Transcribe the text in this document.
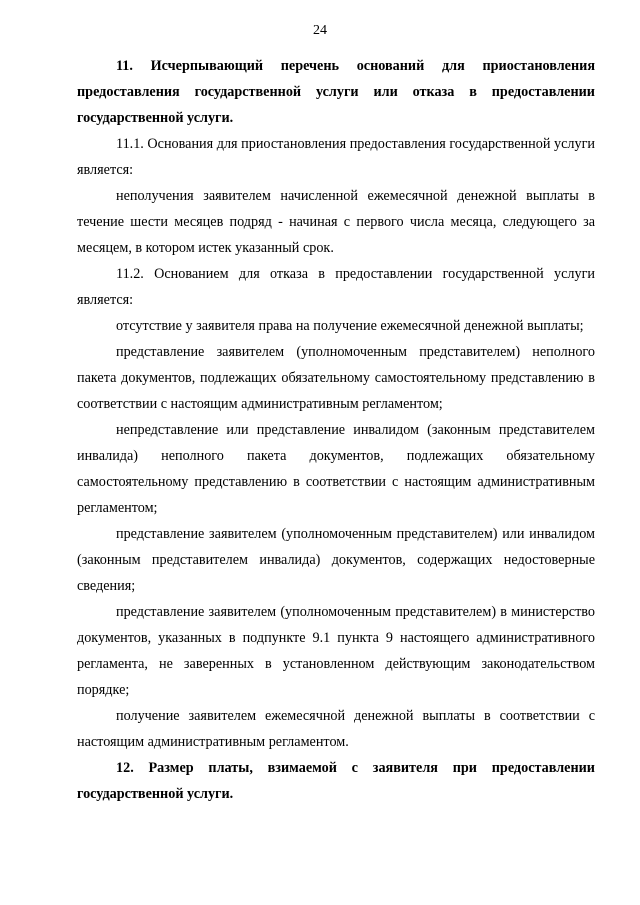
24

11. Исчерпывающий перечень оснований для приостановления предоставления государственной услуги или отказа в предоставлении государственной услуги.

11.1. Основания для приостановления предоставления государственной услуги является:

неполучения заявителем начисленной ежемесячной денежной выплаты в течение шести месяцев подряд - начиная с первого числа месяца, следующего за месяцем, в котором истек указанный срок.

11.2. Основанием для отказа в предоставлении государственной услуги является:

отсутствие у заявителя права на получение ежемесячной денежной выплаты;

представление заявителем (уполномоченным представителем) неполного пакета документов, подлежащих обязательному самостоятельному представлению в соответствии с настоящим административным регламентом;

непредставление или представление инвалидом (законным представителем инвалида) неполного пакета документов, подлежащих обязательному самостоятельному представлению в соответствии с настоящим административным регламентом;

представление заявителем (уполномоченным представителем) или инвалидом (законным представителем инвалида) документов, содержащих недостоверные сведения;

представление заявителем (уполномоченным представителем) в министерство документов, указанных в подпункте 9.1 пункта 9 настоящего административного регламента, не заверенных в установленном действующим законодательством порядке;

получение заявителем ежемесячной денежной выплаты в соответствии с настоящим административным регламентом.

12. Размер платы, взимаемой с заявителя при предоставлении государственной услуги.
